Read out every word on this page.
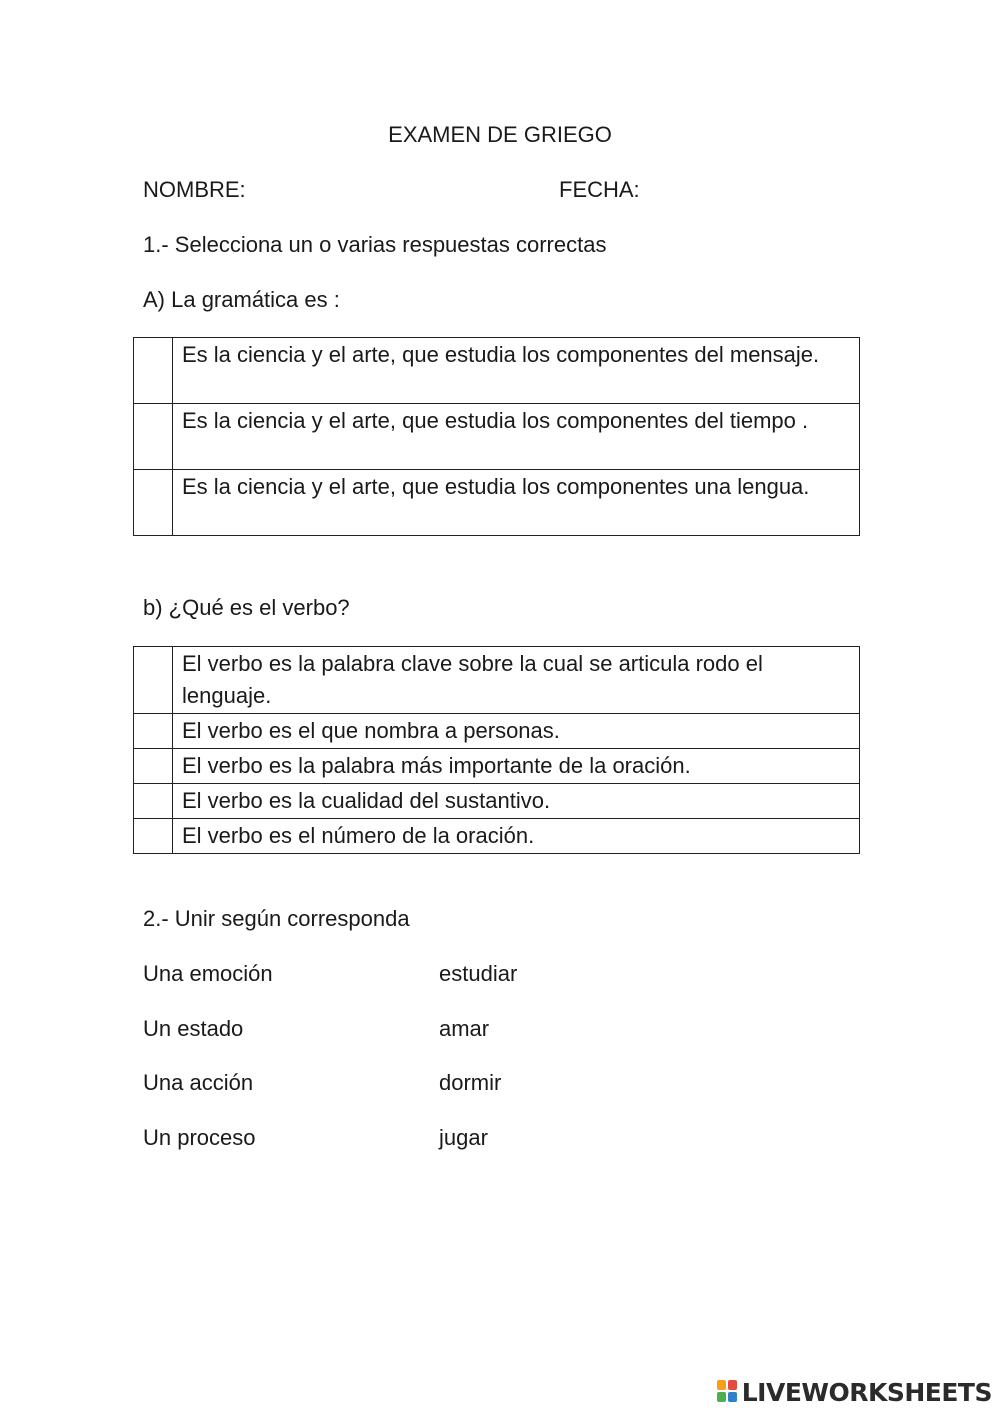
EXAMEN DE GRIEGO
NOMBRE:	FECHA:
1.- Selecciona un o varias respuestas correctas
A) La gramática es :
	Es la ciencia y el arte, que estudia los componentes del mensaje.
	Es la ciencia y el arte, que estudia los componentes del tiempo .
	Es la ciencia y el arte, que estudia los componentes una lengua.
b) ¿Qué es el verbo?
	El verbo es la palabra clave sobre la cual se articula rodo el lenguaje.
	El verbo es el que nombra a personas.
	El verbo es la palabra más importante de la oración.
	El verbo es la cualidad del sustantivo.
	El verbo es el número de la oración.
2.- Unir según corresponda
Una emoción	estudiar
Un estado	amar
Una acción	dormir
Un proceso	jugar
LIVEWORKSHEETS
